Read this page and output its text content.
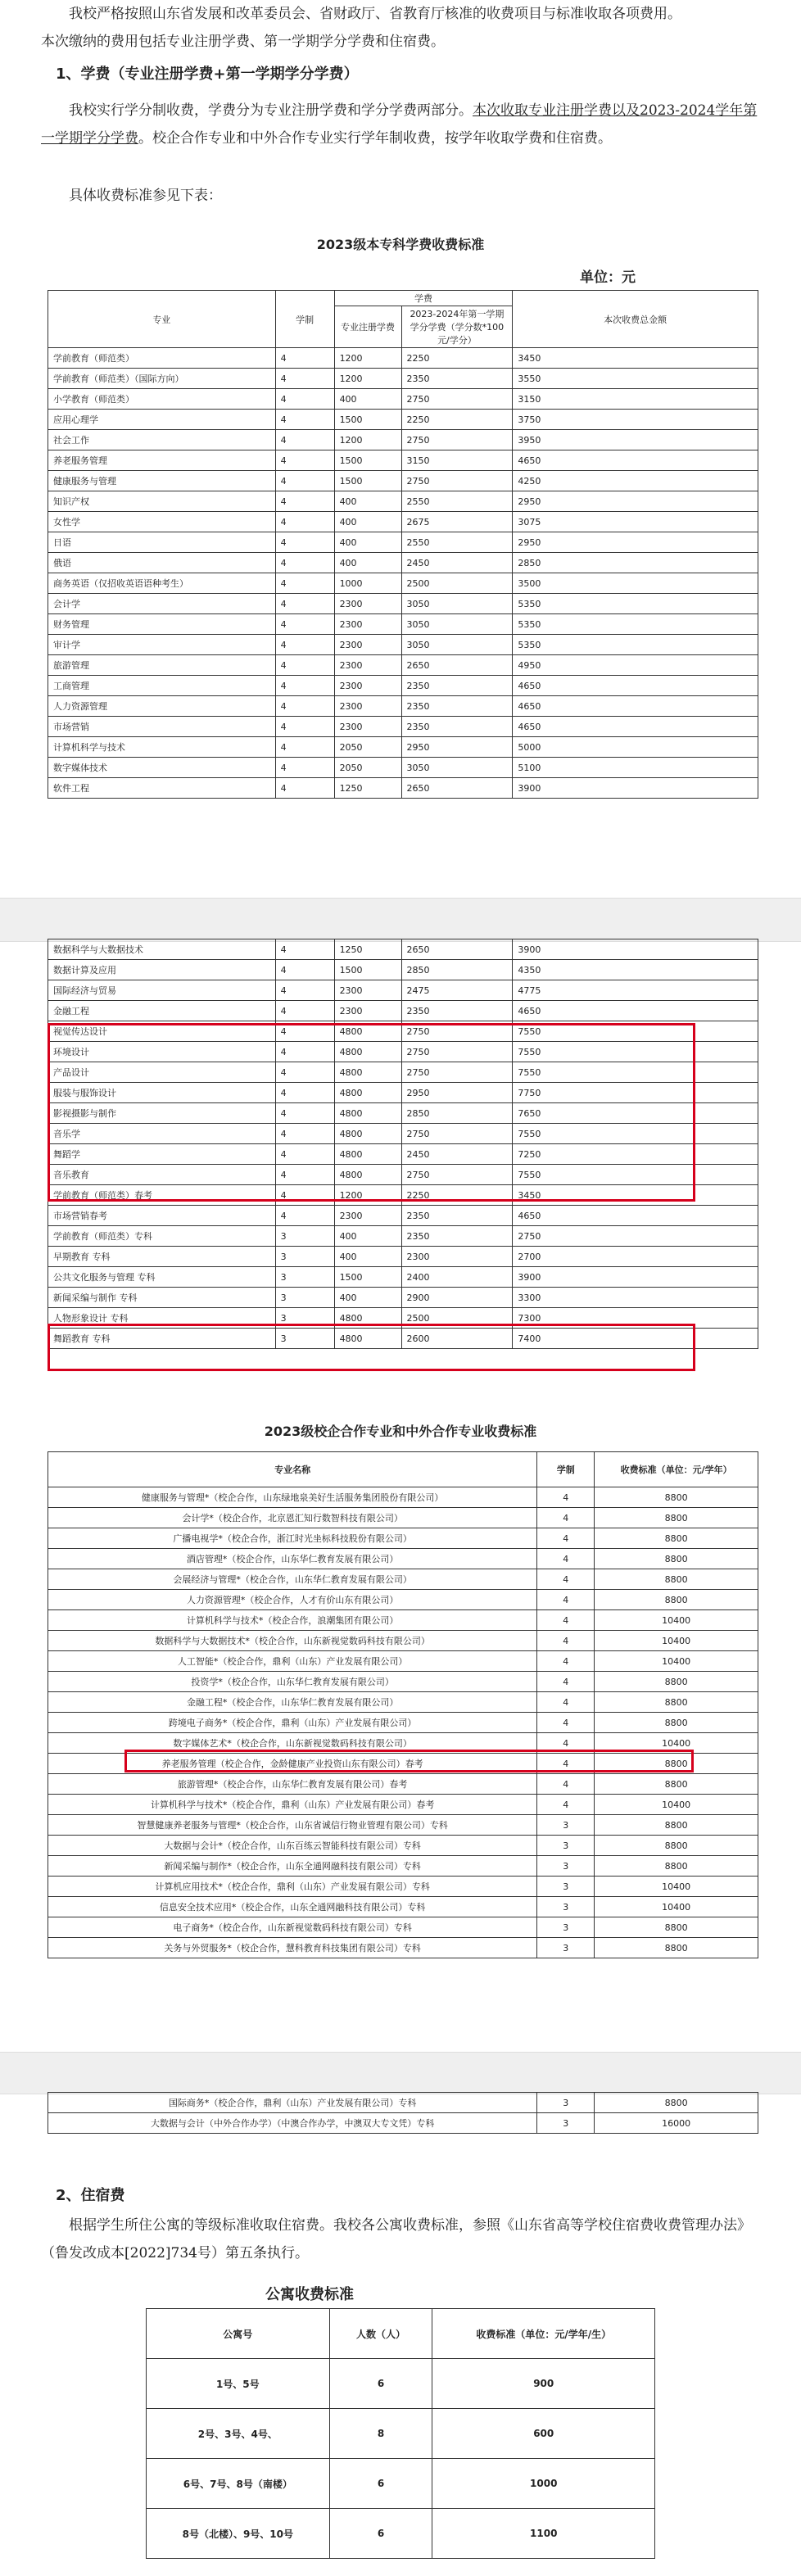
我校严格按照山东省发展和改革委员会、省财政厅、省教育厅核准的收费项目与标准收取各项费用。
本次缴纳的费用包括专业注册学费、第一学期学分学费和住宿费。
1、学费（专业注册学费+第一学期学分学费）
我校实行学分制收费，学费分为专业注册学费和学分学费两部分。本次收取专业注册学费以及2023-2024学年第一学期学分学费。校企合作专业和中外合作专业实行学年制收费，按学年收取学费和住宿费。
具体收费标准参见下表：
2023级本专科学费收费标准
单位：元
专业	学制	学费		本次收费总金额
		专业注册学费	2023-2024年第一学期学分学费（学分数*100元/学分）	
学前教育（师范类）	4	1200	2250	3450
学前教育（师范类）（国际方向）	4	1200	2350	3550
小学教育（师范类）	4	400	2750	3150
应用心理学	4	1500	2250	3750
社会工作	4	1200	2750	3950
养老服务管理	4	1500	3150	4650
健康服务与管理	4	1500	2750	4250
知识产权	4	400	2550	2950
女性学	4	400	2675	3075
日语	4	400	2550	2950
俄语	4	400	2450	2850
商务英语（仅招收英语语种考生）	4	1000	2500	3500
会计学	4	2300	3050	5350
财务管理	4	2300	3050	5350
审计学	4	2300	3050	5350
旅游管理	4	2300	2650	4950
工商管理	4	2300	2350	4650
人力资源管理	4	2300	2350	4650
市场营销	4	2300	2350	4650
计算机科学与技术	4	2050	2950	5000
数字媒体技术	4	2050	3050	5100
软件工程	4	1250	2650	3900
数据科学与大数据技术	4	1250	2650	3900
数据计算及应用	4	1500	2850	4350
国际经济与贸易	4	2300	2475	4775
金融工程	4	2300	2350	4650
视觉传达设计	4	4800	2750	7550
环境设计	4	4800	2750	7550
产品设计	4	4800	2750	7550
服装与服饰设计	4	4800	2950	7750
影视摄影与制作	4	4800	2850	7650
音乐学	4	4800	2750	7550
舞蹈学	4	4800	2450	7250
音乐教育	4	4800	2750	7550
学前教育（师范类）春考	4	1200	2250	3450
市场营销春考	4	2300	2350	4650
学前教育（师范类）专科	3	400	2350	2750
早期教育 专科	3	400	2300	2700
公共文化服务与管理 专科	3	1500	2400	3900
新闻采编与制作 专科	3	400	2900	3300
人物形象设计 专科	3	4800	2500	7300
舞蹈教育 专科	3	4800	2600	7400
2023级校企合作专业和中外合作专业收费标准
专业名称	学制	收费标准（单位：元/学年）
健康服务与管理*（校企合作，山东绿地泉美好生活服务集团股份有限公司）	4	8800
会计学*（校企合作，北京恩汇知行数智科技有限公司）	4	8800
广播电视学*（校企合作，浙江时光坐标科技股份有限公司）	4	8800
酒店管理*（校企合作，山东华仁教育发展有限公司）	4	8800
会展经济与管理*（校企合作，山东华仁教育发展有限公司）	4	8800
人力资源管理*（校企合作，人才有价山东有限公司）	4	8800
计算机科学与技术*（校企合作，浪潮集团有限公司）	4	10400
数据科学与大数据技术*（校企合作，山东新视觉数码科技有限公司）	4	10400
人工智能*（校企合作，鼎利（山东）产业发展有限公司）	4	10400
投资学*（校企合作，山东华仁教育发展有限公司）	4	8800
金融工程*（校企合作，山东华仁教育发展有限公司）	4	8800
跨境电子商务*（校企合作，鼎利（山东）产业发展有限公司）	4	8800
数字媒体艺术*（校企合作，山东新视觉数码科技有限公司）	4	10400
养老服务管理（校企合作，金龄健康产业投资山东有限公司）春考	4	8800
旅游管理*（校企合作，山东华仁教育发展有限公司）春考	4	8800
计算机科学与技术*（校企合作，鼎利（山东）产业发展有限公司）春考	4	10400
智慧健康养老服务与管理*（校企合作，山东省诚信行物业管理有限公司）专科	3	8800
大数据与会计*（校企合作，山东百练云智能科技有限公司）专科	3	8800
新闻采编与制作*（校企合作，山东全通网融科技有限公司）专科	3	8800
计算机应用技术*（校企合作，鼎利（山东）产业发展有限公司）专科	3	10400
信息安全技术应用*（校企合作，山东全通网融科技有限公司）专科	3	10400
电子商务*（校企合作，山东新视觉数码科技有限公司）专科	3	8800
关务与外贸服务*（校企合作，慧科教育科技集团有限公司）专科	3	8800
国际商务*（校企合作，鼎利（山东）产业发展有限公司）专科	3	8800
大数据与会计（中外合作办学）（中澳合作办学，中澳双大专文凭）专科	3	16000
2、住宿费
根据学生所住公寓的等级标准收取住宿费。我校各公寓收费标准，参照《山东省高等学校住宿费收费管理办法》（鲁发改成本[2022]734号）第五条执行。
公寓收费标准
公寓号	人数（人）	收费标准（单位：元/学年/生）
1号、5号	6	900
2号、3号、4号、	8	600
6号、7号、8号（南楼）	6	1000
8号（北楼）、9号、10号	6	1100
